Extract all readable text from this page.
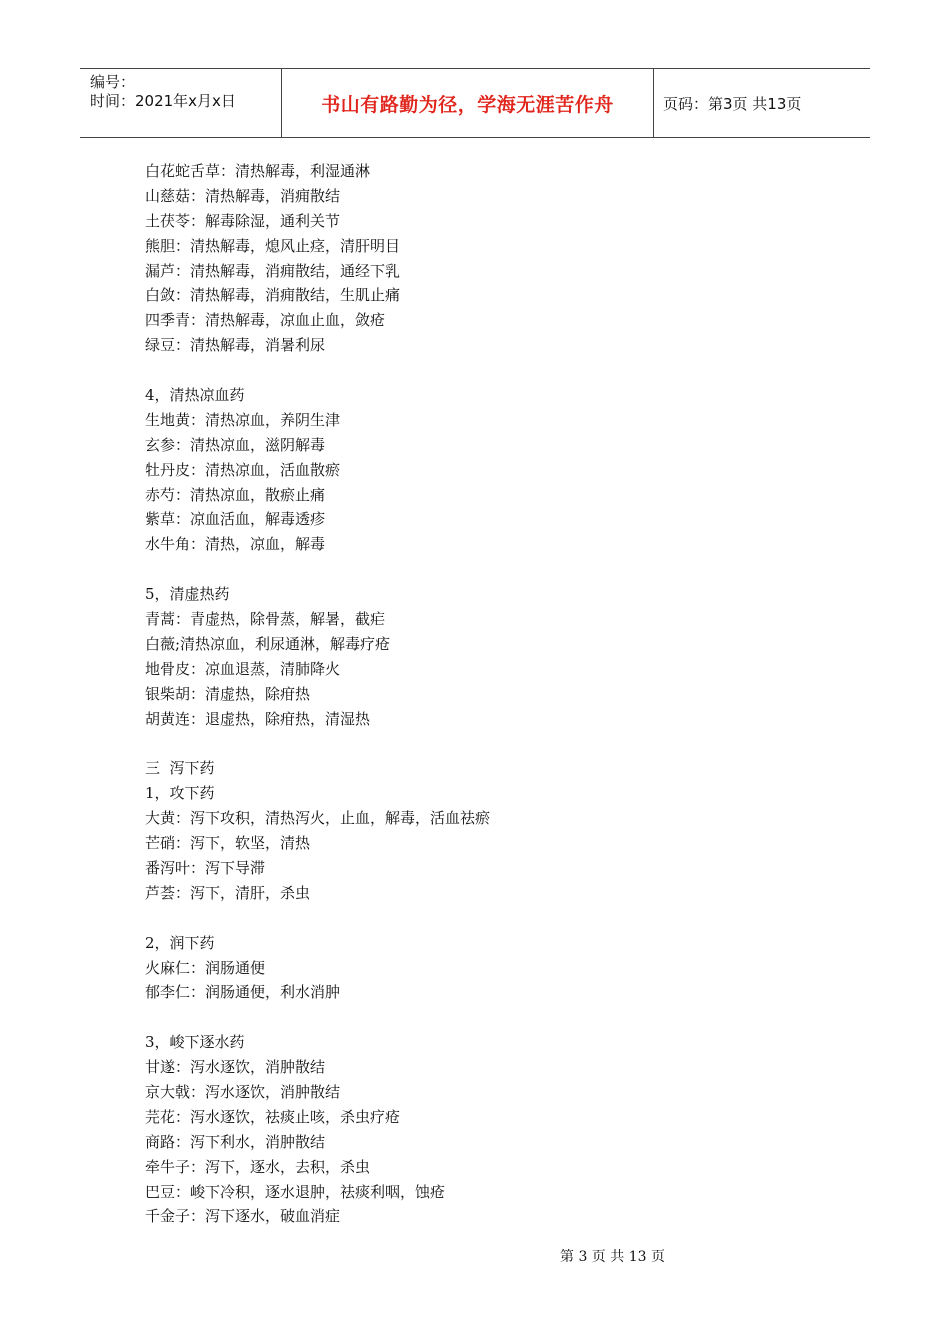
编号：
时间：2021年x月x日	书山有路勤为径，学海无涯苦作舟	页码：第3页 共13页
白花蛇舌草：清热解毒，利湿通淋
山慈菇：清热解毒，消痈散结
土茯苓：解毒除湿，通利关节
熊胆：清热解毒，熄风止痉，清肝明目
漏芦：清热解毒，消痈散结，通经下乳
白敛：清热解毒，消痈散结，生肌止痛
四季青：清热解毒，凉血止血，敛疮
绿豆：清热解毒，消暑利尿
4，清热凉血药
生地黄：清热凉血，养阴生津
玄参：清热凉血，滋阴解毒
牡丹皮：清热凉血，活血散瘀
赤芍：清热凉血，散瘀止痛
紫草：凉血活血，解毒透疹
水牛角：清热，凉血，解毒
5，清虚热药
青蒿：青虚热，除骨蒸，解暑，截疟
白薇;清热凉血，利尿通淋，解毒疗疮
地骨皮：凉血退蒸，清肺降火
银柴胡：清虚热，除疳热
胡黄连：退虚热，除疳热，清湿热
三  泻下药
1，攻下药
大黄：泻下攻积，清热泻火，止血，解毒，活血祛瘀
芒硝：泻下，软坚，清热
番泻叶：泻下导滞
芦荟：泻下，清肝，杀虫
2，润下药
火麻仁：润肠通便
郁李仁：润肠通便，利水消肿
3，峻下逐水药
甘遂：泻水逐饮，消肿散结
京大戟：泻水逐饮，消肿散结
芫花：泻水逐饮，祛痰止咳，杀虫疗疮
商路：泻下利水，消肿散结
牵牛子：泻下，逐水，去积，杀虫
巴豆：峻下冷积，逐水退肿，祛痰利咽，蚀疮
千金子：泻下逐水，破血消症
第 3 页 共 13 页
